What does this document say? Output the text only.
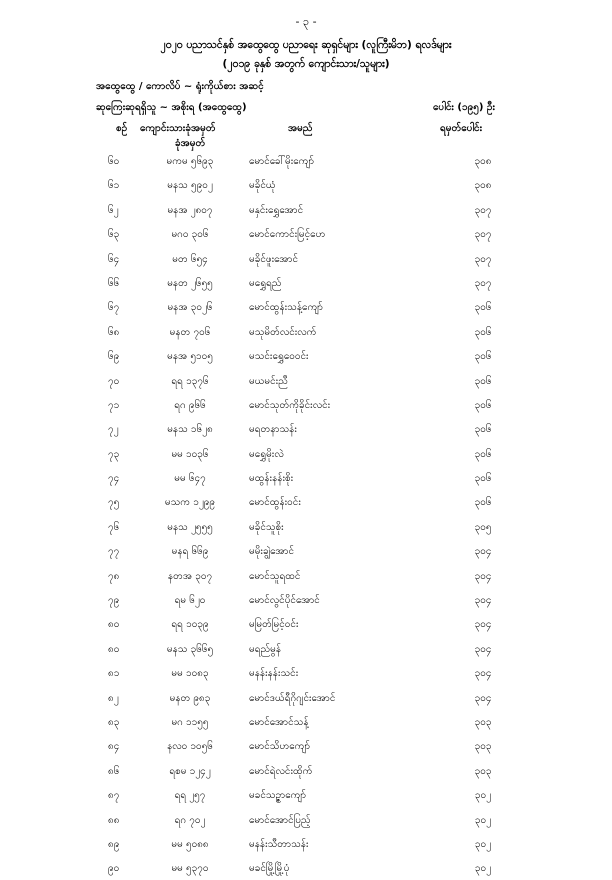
- ၃ -
၂၀၂၀ ပညာသင်နှစ် အထွေထွေ ပညာရေး ဆုရှင်များ (လူကြီးမိဘ) ရလဒ်များ
(၂၀၁၉ ခုနှစ် အတွက် ကျောင်းသား/သူများ)
အထွေထွေ / ကောလိပ် ~ ရုံးကိုယ်စား အဆင့်
ဆုကြေးဆုရရှိသူ ~ အစိုးရ (အထွေထွေ)	ပေါင်း (၁၉၅) ဦး
စဉ် ကျောင်းသားခုံအမှတ်	အမည်	ရမှတ်ပေါင်း
ခုံအမှတ်
၆၀	မကမ ၅၆၉၃	မောင်ခေါ်မိုးကျော်	၃၀၈
၆၁	မနသ ၅၉၀၂	မခိုင်ယုံ	၃၀၈
၆၂	မနအ ၂၈၀၇	မနှင်းရွှေအောင်	၃၀၇
၆၃	မဂဝ ၃၀၆	မောင်ကောင်းမြင့်ဟေ	၃၀၇
၆၄	မတ ၆၅၄	မခိုင်ဖူးအောင်	၃၀၇
၆၆	မနတ ၂၆၅၅	မရွှေရည်	၃၀၇
၆၇	မနအ ၃၀၂၆	မောင်ထွန်းသန့်ကျော်	၃၀၆
၆၈	မနတ ၇၀၆	မသုမိတ်လင်းလက်	၃၀၆
၆၉	မနအ ၅၁၀၅	မသင်းရွှေဝေဝင်း	၃၀၆
၇၀	ရရ ၁၃၇၆	မယမင်းညီ	၃၀၆
၇၁	ရဂ ၉၆၆	မောင်သုတ်ကိုခိုင်းလင်း	၃၀၆
၇၂	မနသ ၁၆၂၈	မရတနာသန်း	၃၀၆
၇၃	မမ ၁၀၃၆	မရွှေမိုးလဲ	၃၀၆
၇၄	မမ ၆၄၇	မထွန်းနန်းစိုး	၃၀၆
၇၅	မသက ၁၂၉၉	မောင်ထွန်းဝင်း	၃၀၆
၇၆	မနသ ၂၅၅၅	မခိုင်သူစိုး	၃၀၅
၇၇	မနရ ၆၆၉	မမိုးချွဲအောင်	၃၀၄
၇၈	နတအ ၃၀၇	မောင်သူရထင်	၃၀၄
၇၉	ရမ ၆၂၀	မောင်လွင်ပိုင်အောင်	၃၀၄
၈၀	ရရ ၁၀၃၉	မမြတ်မြင့်ဝင်း	၃၀၄
၈၀	မနသ ၃၆၆၅	မရည်မွန်	၃၀၄
၈၁	မမ ၁၀၈၃	မနန်းနန်းသင်း	၃၀၄
၈၂	မနတ ၉၈၃	မောင်ဒယ်ရီဂိုဂျင်းအောင်	၃၀၄
၈၃	မဂ ၁၁၅၅	မောင်အောင်သန့်	၃၀၃
၈၄	နလဝ ၁၀၅၆	မောင်သိဟကျော်	၃၀၃
၈၆	ရစမ ၁၂၄၂	မောင်ရဲလင်းထိုက်	၃၀၃
၈၇	ရရ ၂၅၇	မခင်သဉ္ဇာကျော်	၃၀၂
၈၈	ရဂ ၇၀၂	မောင်အောင်ပြည့်	၃၀၂
၈၉	မမ ၅၀၈၈	မနန်းသီတာသန်း	၃၀၂
၉၀	မမ ၅၃၇၀	မခင်မြို့မြို့ပုံ	၃၀၂
